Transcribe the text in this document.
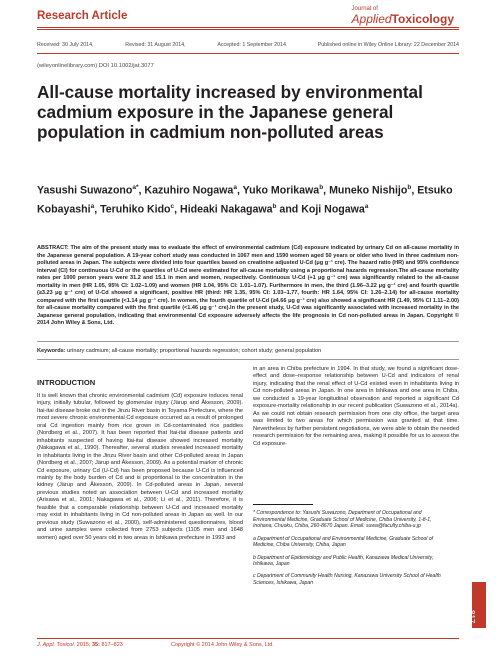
Research Article
Journal of
AppliedToxicology
Received: 30 July 2014,	Revised: 31 August 2014,	Accepted: 1 September 2014	Published online in Wiley Online Library: 22 December 2014
(wileyonlinelibrary.com) DOI 10.1002/jat.3077
All-cause mortality increased by environmental cadmium exposure in the Japanese general population in cadmium non-polluted areas
Yasushi Suwazono$^{a*}$, Kazuhiro Nogawa$^a$, Yuko Morikawa$^b$, Muneko Nishijo$^b$, Etsuko Kobayashi$^a$, Teruhiko Kido$^c$, Hideaki Nakagawa$^b$ and Koji Nogawa$^a$
ABSTRACT: The aim of the present study was to evaluate the effect of environmental cadmium (Cd) exposure indicated by urinary Cd on all-cause mortality in the Japanese general population. A 19-year cohort study was conducted in 1067 men and 1590 women aged 50 years or older who lived in three cadmium non-polluted areas in Japan. The subjects were divided into four quartiles based on creatinine adjusted U-Cd (μg g⁻¹ cre). The hazard ratio (HR) and 95% confidence interval (CI) for continuous U-Cd or the quartiles of U-Cd were estimated for all-cause mortality using a proportional hazards regression.The all-cause mortality rates per 1000 person years were 31.2 and 15.1 in men and women, respectively. Continuous U-Cd (+1 μg g⁻¹ cre) was significantly related to the all-cause mortality in men (HR 1.05, 95% CI: 1.02–1.09) and women (HR 1.04, 95% CI: 1.01–1.07). Furthermore in men, the third (1.96–3.22 μg g⁻¹ cre) and fourth quartile (≥3.23 μg g⁻¹ cre) of U-Cd showed a significant, positive HR (third: HR 1.35, 95% CI: 1.03–1.77, fourth: HR 1.64, 95% CI: 1.26–2.14) for all-cause mortality compared with the first quartile (<1.14 μg g⁻¹ cre). In women, the fourth quartile of U-Cd (≥4.66 μg g⁻¹ cre) also showed a significant HR (1.49, 95% CI 1.11–2.00) for all-cause mortality compared with the first quartile (<1.46 μg g⁻¹ cre).In the present study, U-Cd was significantly associated with increased mortality in the Japanese general population, indicating that environmental Cd exposure adversely affects the life prognosis in Cd non-polluted areas in Japan. Copyright © 2014 John Wiley & Sons, Ltd.
Keywords: urinary cadmium; all-cause mortality; proportional hazards regression; cohort study; general population
INTRODUCTION
It is well known that chronic environmental cadmium (Cd) exposure induces renal injury, initially tubular, followed by glomerular injury (Järup and Åkesson, 2009). Itai-itai disease broke out in the Jinzu River basin in Toyama Prefecture, where the most severe chronic environmental Cd exposure occurred as a result of prolonged oral Cd ingestion mainly from rice grown in Cd-contaminated rice paddies (Nordberg et al., 2007). It has been reported that Itai-itai disease patients and inhabitants suspected of having Itai-itai disease showed increased mortality (Nakagawa et al., 1990). Thereafter, several studies revealed increased mortality in inhabitants living in the Jinzu River basin and other Cd-polluted areas in Japan (Nordberg et al., 2007; Järup and Åkesson, 2009). As a potential marker of chronic Cd exposure, urinary Cd (U-Cd) has been proposed because U-Cd is influenced mainly by the body burden of Cd and is proportional to the concentration in the kidney (Järup and Åkesson, 2009). In Cd-polluted areas in Japan, several previous studies noted an association between U-Cd and increased mortality (Arisawa et al., 2001; Nakagawa et al., 2006; Li et al., 2011). Therefore, it is feasible that a comparable relationship between U-Cd and increased mortality may exist in inhabitants living in Cd non-polluted areas in Japan as well. In our previous study (Suwazono et al., 2000), self-administered questionnaires, blood and urine samples were collected from 2753 subjects (1105 men and 1648 women) aged over 50 years old in two areas in Ishikawa prefecture in 1993 and
in an area in Chiba prefecture in 1994. In that study, we found a significant dose-effect and dose–response relationship between U-Cd and indicators of renal injury, indicating that the renal effect of U-Cd existed even in inhabitants living in Cd non-polluted areas in Japan. In one area in Ishikawa and one area in Chiba, we conducted a 19-year longitudinal observation and reported a significant Cd exposure-mortality relationship in our recent publication (Suwazono et al., 2014a). As we could not obtain research permission from one city office, the target area was limited to two areas for which permission was granted at that time. Nevertheless by further persistent negotiations, we were able to obtain the needed research permission for the remaining area, making it possible for us to assess the Cd exposure-
* Correspondence to: Yasushi Suwazono, Department of Occupational and Environmental Medicine, Graduate School of Medicine, Chiba University, 1-8-1, Inohana, Chuoku, Chiba, 260-8670 Japan. Email: suwa@faculty.chiba-u.jp
a Department of Occupational and Environmental Medicine, Graduate School of Medicine, Chiba University, Chiba, Japan
b Department of Epidemiology and Public Health, Kanazawa Medical University, Ishikawa, Japan
c Department of Community Health Nursing, Kanazawa University School of Health Sciences, Ishikawa, Japan
J. Appl. Toxicol. 2015; 35: 817–823	Copyright © 2014 John Wiley & Sons, Ltd.
817
